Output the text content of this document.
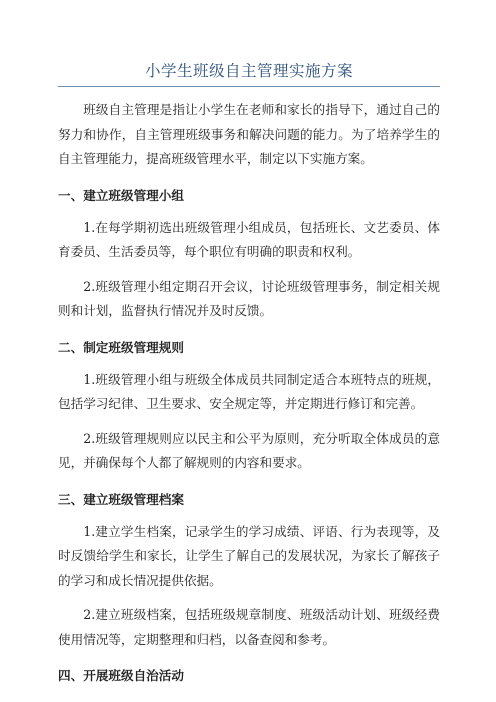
小学生班级自主管理实施方案

班级自主管理是指让小学生在老师和家长的指导下，通过自己的努力和协作，自主管理班级事务和解决问题的能力。为了培养学生的自主管理能力，提高班级管理水平，制定以下实施方案。

一、建立班级管理小组

1.在每学期初选出班级管理小组成员，包括班长、文艺委员、体育委员、生活委员等，每个职位有明确的职责和权利。

2.班级管理小组定期召开会议，讨论班级管理事务，制定相关规则和计划，监督执行情况并及时反馈。

二、制定班级管理规则

1.班级管理小组与班级全体成员共同制定适合本班特点的班规，包括学习纪律、卫生要求、安全规定等，并定期进行修订和完善。

2.班级管理规则应以民主和公平为原则，充分听取全体成员的意见，并确保每个人都了解规则的内容和要求。

三、建立班级管理档案

1.建立学生档案，记录学生的学习成绩、评语、行为表现等，及时反馈给学生和家长，让学生了解自己的发展状况，为家长了解孩子的学习和成长情况提供依据。

2.建立班级档案，包括班级规章制度、班级活动计划、班级经费使用情况等，定期整理和归档，以备查阅和参考。

四、开展班级自治活动
